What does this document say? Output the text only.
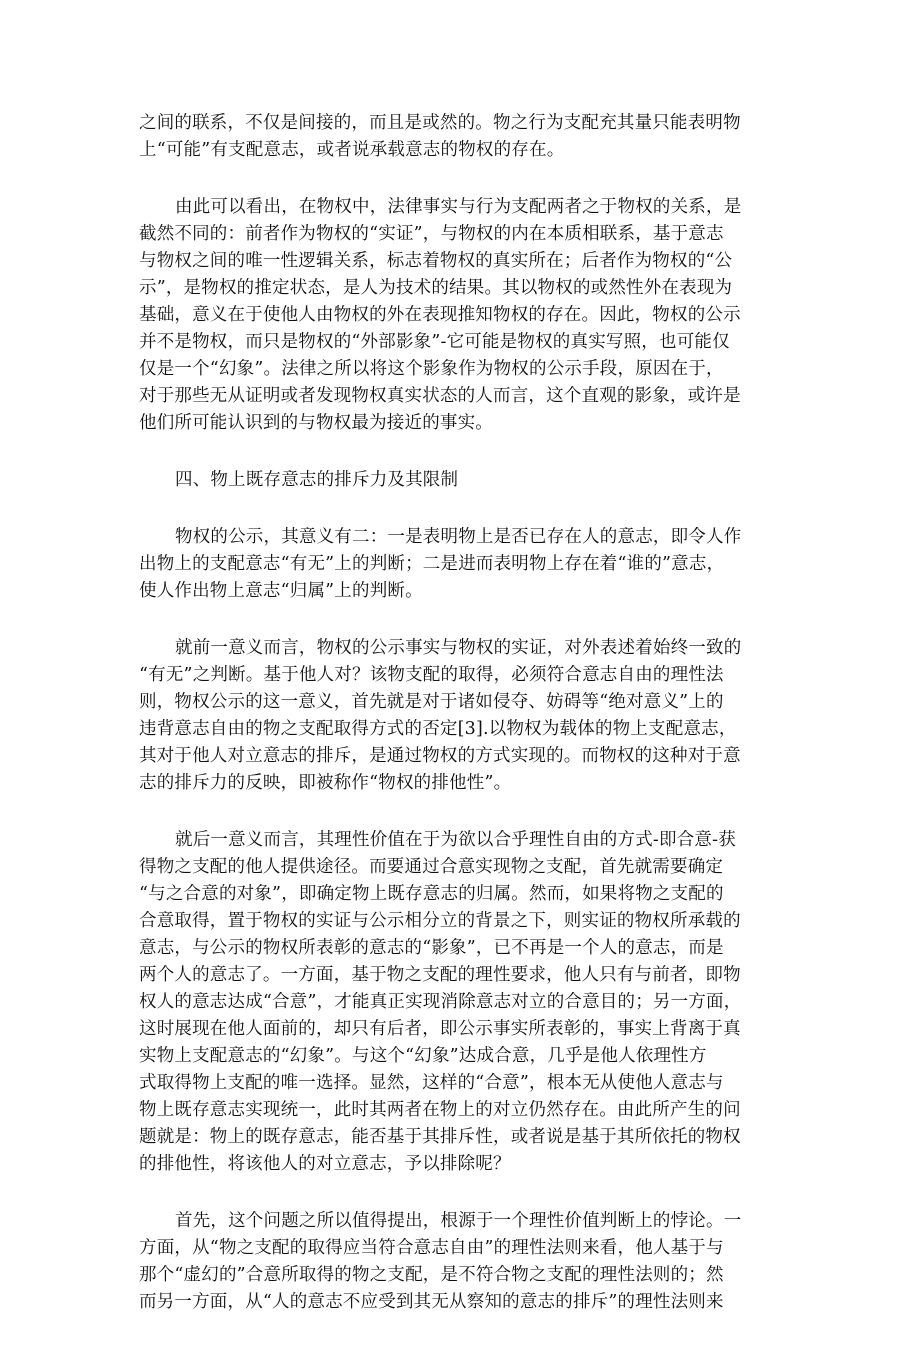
之间的联系，不仅是间接的，而且是或然的。物之行为支配充其量只能表明物
上“可能”有支配意志，或者说承载意志的物权的存在。
由此可以看出，在物权中，法律事实与行为支配两者之于物权的关系，是
截然不同的：前者作为物权的“实证”，与物权的内在本质相联系，基于意志
与物权之间的唯一性逻辑关系，标志着物权的真实所在；后者作为物权的“公
示”，是物权的推定状态，是人为技术的结果。其以物权的或然性外在表现为
基础，意义在于使他人由物权的外在表现推知物权的存在。因此，物权的公示
并不是物权，而只是物权的“外部影象”-它可能是物权的真实写照，也可能仅
仅是一个“幻象”。法律之所以将这个影象作为物权的公示手段，原因在于，
对于那些无从证明或者发现物权真实状态的人而言，这个直观的影象，或许是
他们所可能认识到的与物权最为接近的事实。
四、物上既存意志的排斥力及其限制
物权的公示，其意义有二：一是表明物上是否已存在人的意志，即令人作
出物上的支配意志“有无”上的判断；二是进而表明物上存在着“谁的”意志，
使人作出物上意志“归属”上的判断。
就前一意义而言，物权的公示事实与物权的实证，对外表述着始终一致的
“有无”之判断。基于他人对？该物支配的取得，必须符合意志自由的理性法
则，物权公示的这一意义，首先就是对于诸如侵夺、妨碍等“绝对意义”上的
违背意志自由的物之支配取得方式的否定[3].以物权为载体的物上支配意志，
其对于他人对立意志的排斥，是通过物权的方式实现的。而物权的这种对于意
志的排斥力的反映，即被称作“物权的排他性”。
就后一意义而言，其理性价值在于为欲以合乎理性自由的方式-即合意-获
得物之支配的他人提供途径。而要通过合意实现物之支配，首先就需要确定
“与之合意的对象”，即确定物上既存意志的归属。然而，如果将物之支配的
合意取得，置于物权的实证与公示相分立的背景之下，则实证的物权所承载的
意志，与公示的物权所表彰的意志的“影象”，已不再是一个人的意志，而是
两个人的意志了。一方面，基于物之支配的理性要求，他人只有与前者，即物
权人的意志达成“合意”，才能真正实现消除意志对立的合意目的；另一方面，
这时展现在他人面前的，却只有后者，即公示事实所表彰的，事实上背离于真
实物上支配意志的“幻象”。与这个“幻象”达成合意，几乎是他人依理性方
式取得物上支配的唯一选择。显然，这样的“合意”，根本无从使他人意志与
物上既存意志实现统一，此时其两者在物上的对立仍然存在。由此所产生的问
题就是：物上的既存意志，能否基于其排斥性，或者说是基于其所依托的物权
的排他性，将该他人的对立意志，予以排除呢？
首先，这个问题之所以值得提出，根源于一个理性价值判断上的悖论。一
方面，从“物之支配的取得应当符合意志自由”的理性法则来看，他人基于与
那个“虚幻的”合意所取得的物之支配，是不符合物之支配的理性法则的；然
而另一方面，从“人的意志不应受到其无从察知的意志的排斥”的理性法则来
